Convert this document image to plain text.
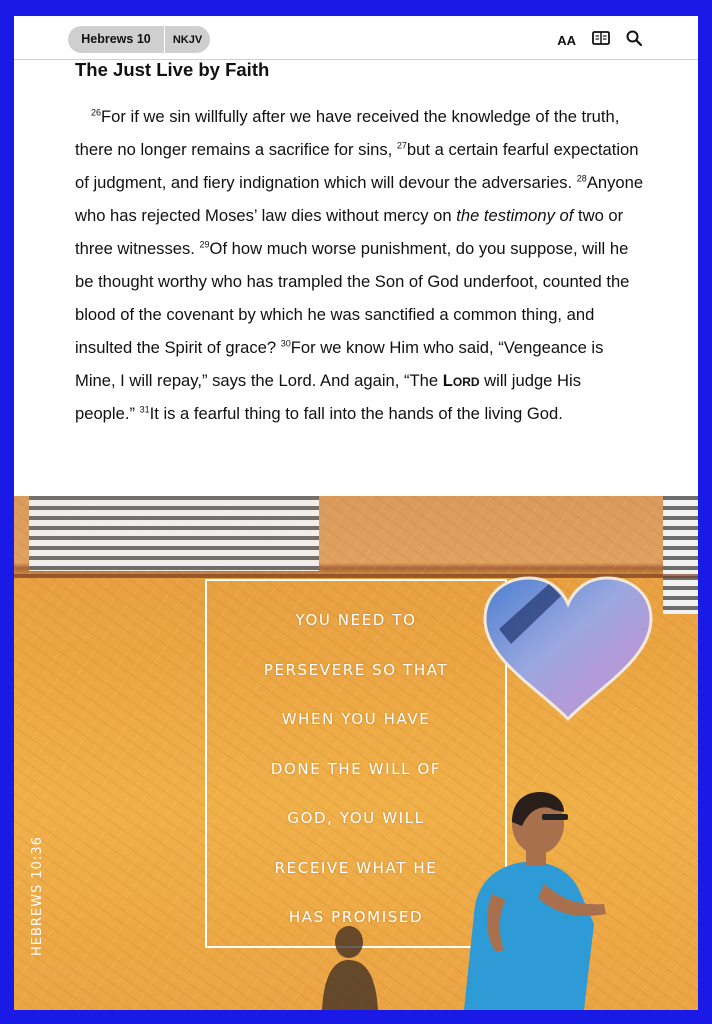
Hebrews 10	NKJV	AA
The Just Live by Faith
$^{26}$For if we sin willfully after we have received the knowledge of the truth, there no longer remains a sacrifice for sins, $^{27}$but a certain fearful expectation of judgment, and fiery indignation which will devour the adversaries. $^{28}$Anyone who has rejected Moses’ law dies without mercy on the testimony of two or three witnesses. $^{29}$Of how much worse punishment, do you suppose, will he be thought worthy who has trampled the Son of God underfoot, counted the blood of the covenant by which he was sanctified a common thing, and insulted the Spirit of grace? $^{30}$For we know Him who said, “Vengeance is Mine, I will repay,” says the Lord. And again, “The Lord will judge His people.” $^{31}$It is a fearful thing to fall into the hands of the living God.
YOU NEED TO
PERSEVERE SO THAT
WHEN YOU HAVE
DONE THE WILL OF
GOD, YOU WILL
RECEIVE WHAT HE
HAS PROMISED
HEBREWS 10:36
